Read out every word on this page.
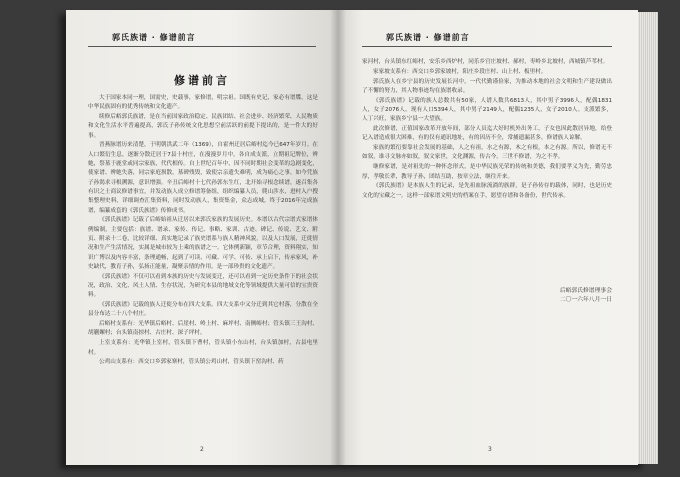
郭氏族谱 · 修谱前言
修谱前言

大于国家本同一理，国需史，史载事，家修谱，明宗祖。国既有史记，家必有谱牒，这是中华民族固有的优秀传统和文化遗产。

续修后峪郭氏族谱，是在当前国家政治稳定、民族团结、社会进步、经济繁荣、人民物质和文化生活水平普遍提高，郭氏子孙传统文化思想空前活跃的前提下提出的，是一件大的好事。

晋燕脉谱历来清楚，于明朝洪武二年（1369），自霍州迁居后峪村迄今已647年岁月。在人口繁衍生息，逐渐分散迁居于7县十村庄，在漫漫岁月中，各自成支派，立期祖记牌位，辨她，祭墓于鹿堂或同宗家族，代代相传。自上世纪百年中，因不同时期社会变革的急剧变化，使家谱、辨她失落，同宗家庭损散，墓碑残毁，致使宗亲遗失难明，成为痛心之事，如今凭族子孙渴求寻根溯源，意识增强。辛丑后峪村十七代孙郭东生红，北开始寻根念续谱，遂召集各有识之士商议修谱事宜，并发动族人成立修谱筹备组，组织编纂人员，爬山涉水，进村入户搜集整理史料，详细调查汇集资料，同时发动族人，集资集金，众志成城，终于2016年完成族谱，编纂成套的《郭氏族谱》传修成书。

《郭氏族谱》记载了后峪始祖从迁居以来郭氏家族的发展历史。本谱以古代宗谱式家谱体例编制，主要包括：族谱、谱录、家传、传记、事略、家训、古迹、碑记、传说、艺文、附页、附录十二卷，比较详细、真实地记录了族史谱系与族人精神风貌，以及人口发展，迁徙情况和生产生活情况，实属是城市较为上乘的族谱之一。它体例新颖，章节合理，资料翔实，知识广博以及内容丰富，条理通畅，起到了可读、可藏、可学、可传、承上启下，传承家风，补史缺代，教育子孙，弘扬正能量，凝聚亲情的作用，是一部珍贵的文化遗产。

《郭氏族谱》不仅可以看到本族的历史与发展变迁，还可以看到一定历史条件下的社会状况，政治、文化、风土人情、生存状况，为研究本县的地域文化等领域提供大量可信的宝贵资料。

《郭氏族谱》记载的族人迁徙分布在四大支系。四大支系中又分迁到其它村落，分散在全县分布达二十八个村庄。

后峪村支系有：光华镇后峪村、后崖村、岭上村、麻坪村、南侧峪村；管头镇三王沟村、胡蒯嫘村；台头镇南掠村、古庄村、深子坪村。

上室支系有：光华镇上室村，管头镇下曹村，管头镇小东山村，台头镇加村，古县电里村。

公鸡山支系有：西交口乡郭家寨村，管头镇公鸡山村，管头镇下窑沟村、药

2
郭氏族谱 · 修谱前言

家河村，台头镇东红峪村，安乐乡西炉村，同乐乡官庄坡村、郝村，枣岭乡北坡村，西城镇芦苇村。

家家坡支系有：西交口乡郭家坡村，阳庄乡段庄村、山上村、板里村。

郭氏族人在乡宁县的历史发展长河中，一代代勤谨俭家，为推动本地的社会文明和生产建设做出了不懈的努力，其人物事迹均在族谱收录。

《郭氏族谱》记载的族人总数共有50家，人谱人数共6813人，其中男子3996人，配偶1831人，女子2076人，现有人口5394人，其中男子2149人，配偶1235人，女子2010人。支派繁多，人丁兴旺，家族乡宁县一大望族。

此次修谱，正值国家改革开放年间，部分人员迄大好时机外出务工，子女也因此散居异地，给登记入谱造成很大困难，有的仅有通讯地址，有的因历不全，常捕遗漏甚多，修谱族人谅解。

家族的繁衍要靠社会发展的基础，人之有祖，水之有源，木之有根，本之有源。所以，修谱无不如叙，谁寻文脉亦如叙，叙文家世，文化渊源，传古今。三世不修谱，为之不孝。

继修家谱，是对祖先的一种怀念形式，是中华民族光荣的传统和美德，我们要孝义为先，勤劳忠厚，孝敬长辈，教导子孙，团结互助，按章立法，继往开来。

《郭氏族谱》是本族人生的记录，是先祖血脉流淌的族群，是子孙传存的载体，同时，也是历史文化的宝藏之一。这样一部家谱文明史的档案在手，愿望存谱和各备份，世代传承。

后峪郭氏修谱理事会
二〇一六年八月一日
3
